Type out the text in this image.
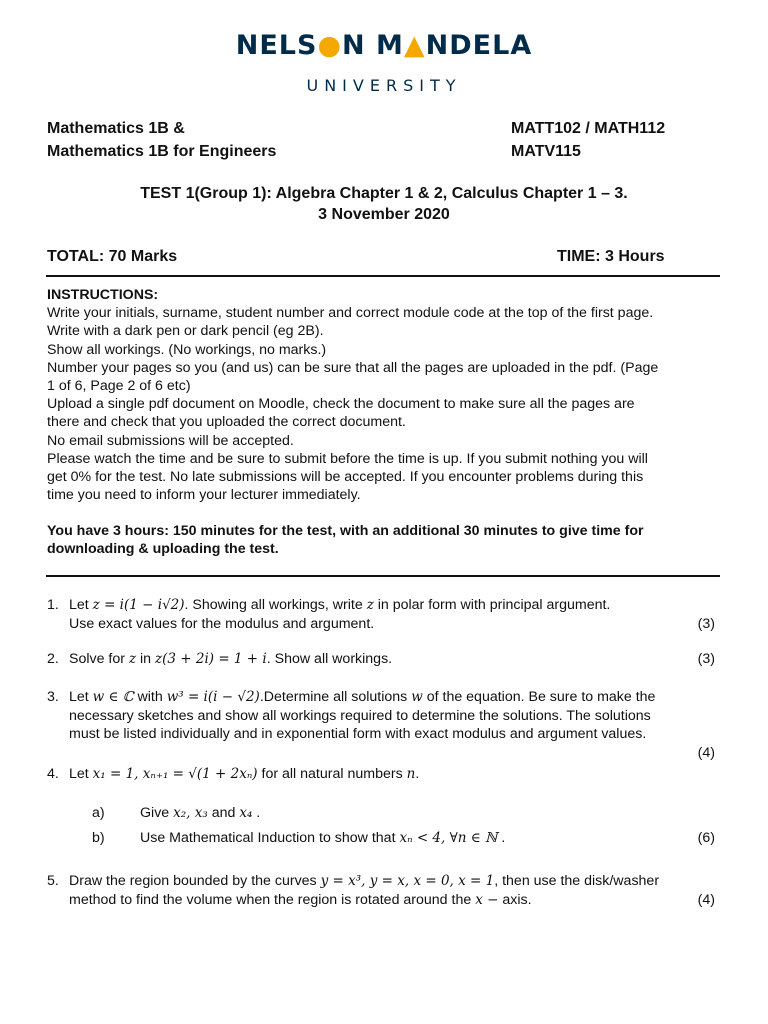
NELS●N M▲NDELA
UNIVERSITY
Mathematics 1B &
Mathematics 1B for Engineers
MATT102 / MATH112
MATV115
TEST 1(Group 1): Algebra Chapter 1 & 2, Calculus Chapter 1 – 3.
3 November 2020
TOTAL: 70 Marks	TIME: 3 Hours
INSTRUCTIONS:
Write your initials, surname, student number and correct module code at the top of the first page.
Write with a dark pen or dark pencil (eg 2B).
Show all workings. (No workings, no marks.)
Number your pages so you (and us) can be sure that all the pages are uploaded in the pdf. (Page
1 of 6, Page 2 of 6 etc)
Upload a single pdf document on Moodle, check the document to make sure all the pages are
there and check that you uploaded the correct document.
No email submissions will be accepted.
Please watch the time and be sure to submit before the time is up. If you submit nothing you will
get 0% for the test. No late submissions will be accepted. If you encounter problems during this
time you need to inform your lecturer immediately.
You have 3 hours: 150 minutes for the test, with an additional 30 minutes to give time for
downloading & uploading the test.
1. Let z = i(1 − i√2). Showing all workings, write z in polar form with principal argument.
Use exact values for the modulus and argument.	(3)
2. Solve for z in z(3 + 2i) = 1 + i. Show all workings.	(3)
3. Let w ∈ ℂ with w³ = i(i − √2).Determine all solutions w of the equation. Be sure to make the
necessary sketches and show all workings required to determine the solutions. The solutions
must be listed individually and in exponential form with exact modulus and argument values.
(4)
4. Let x₁ = 1, xₙ₊₁ = √(1 + 2xₙ) for all natural numbers n.
a) Give x₂, x₃ and x₄ .
b) Use Mathematical Induction to show that xₙ < 4, ∀n ∈ ℕ .	(6)
5. Draw the region bounded by the curves y = x³, y = x, x = 0, x = 1, then use the disk/washer
method to find the volume when the region is rotated around the x − axis.	(4)
